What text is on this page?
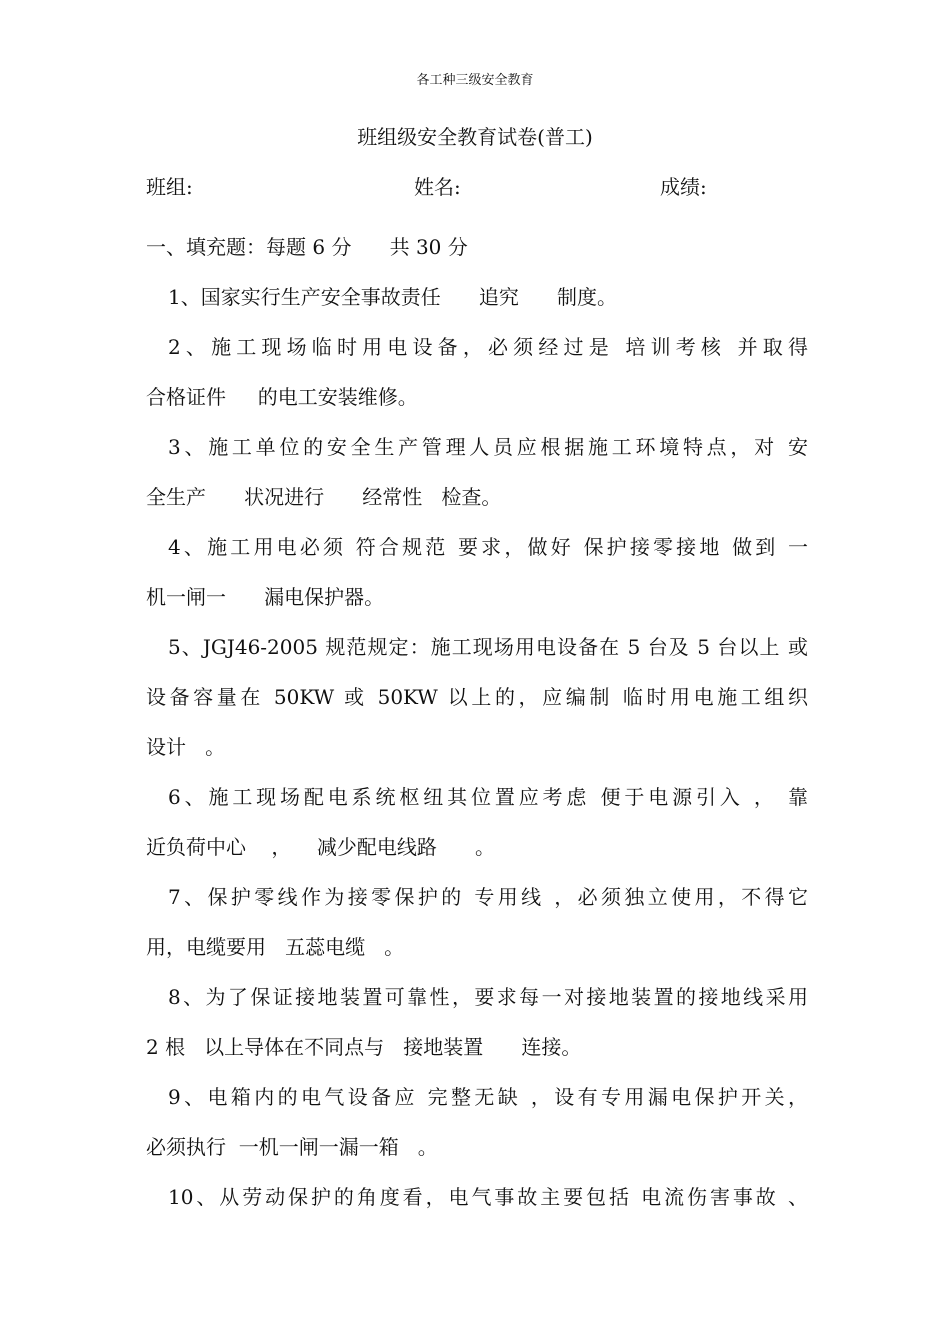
各工种三级安全教育
班组级安全教育试卷(普工)
班组:	姓名:	成绩:
一、填充题：每题 6 分      共 30 分
1、国家实行生产安全事故责任      追究      制度。
2、施工现场临时用电设备，必须经过是 培训考核 并取得
合格证件     的电工安装维修。
3、施工单位的安全生产管理人员应根据施工环境特点，对 安
全生产      状况进行      经常性   检查。
4、施工用电必须 符合规范 要求，做好 保护接零接地 做到 一
机一闸一      漏电保护器。
5、JGJ46-2005 规范规定：施工现场用电设备在 5 台及 5 台以上 或
设备容量在 50KW 或 50KW 以上的，应编制 临时用电施工组织
设计   。
6、施工现场配电系统枢纽其位置应考虑 便于电源引入 ， 靠
近负荷中心    ，    减少配电线路      。
7、保护零线作为接零保护的 专用线 ，必须独立使用，不得它
用，电缆要用   五蕊电缆   。
8、为了保证接地装置可靠性，要求每一对接地装置的接地线采用
2 根   以上导体在不同点与   接地装置      连接。
9、电箱内的电气设备应 完整无缺 ，设有专用漏电保护开关，
必须执行  一机一闸一漏一箱   。
10、从劳动保护的角度看，电气事故主要包括 电流伤害事故 、
